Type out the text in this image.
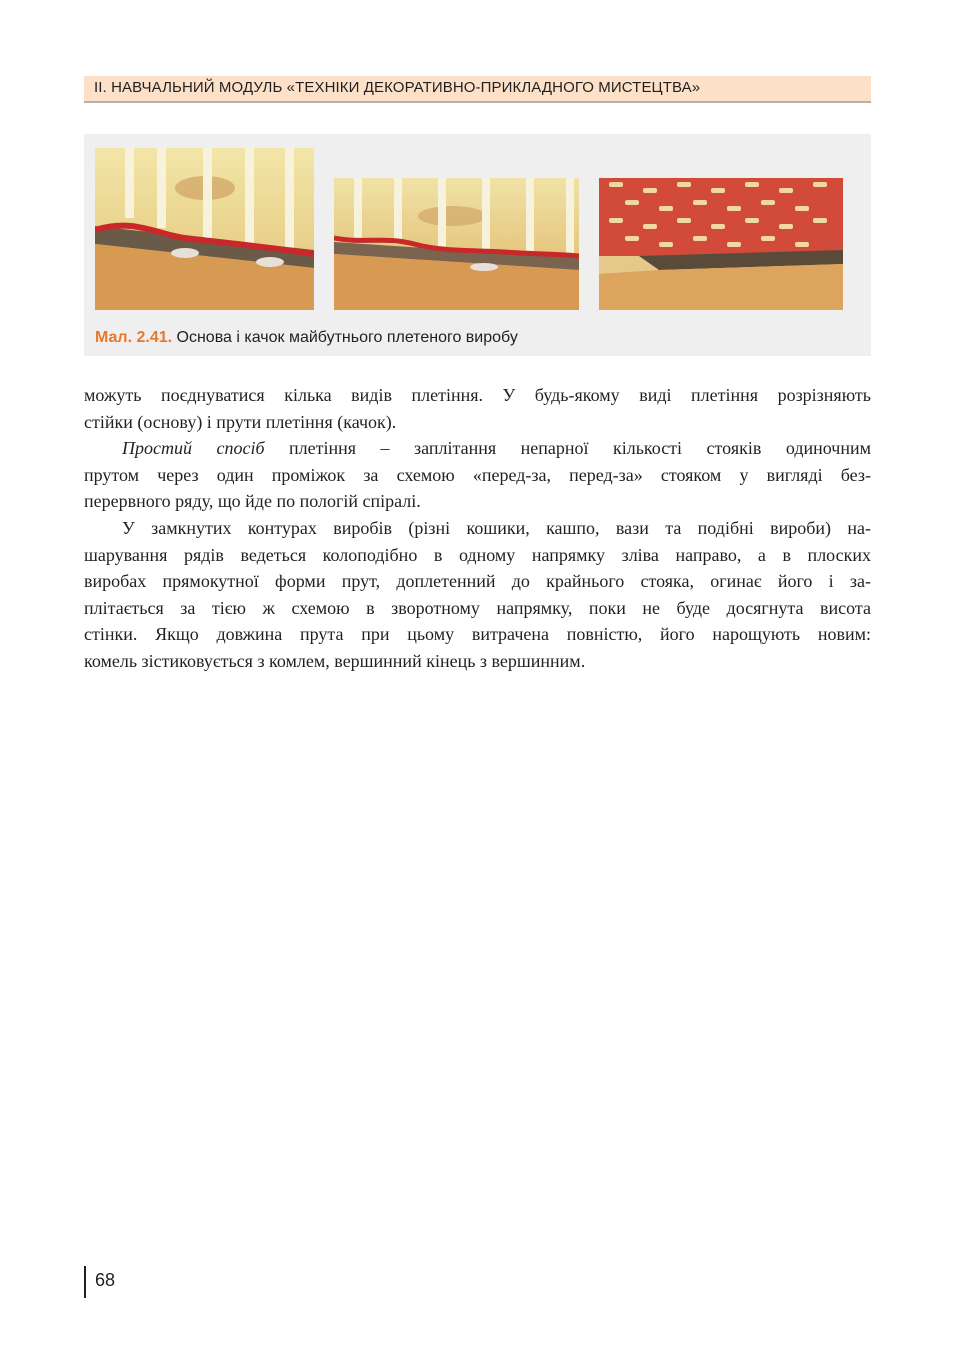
ІІ. НАВЧАЛЬНИЙ МОДУЛЬ «ТЕХНІКИ ДЕКОРАТИВНО-ПРИКЛАДНОГО МИСТЕЦТВА»
Мал. 2.41. Основа і качок майбутнього плетеного виробу

можуть поєднуватися кілька видів плетіння. У будь-якому виді плетіння розрізняють
стійки (основу) і прути плетіння (качок).

Простий спосіб плетіння – заплітання непарної кількості стояків одиночним
прутом через один проміжок за схемою «перед-за, перед-за» стояком у вигляді без-
перервного ряду, що йде по пологій спіралі.

У замкнутих контурах виробів (різні кошики, кашпо, вази та подібні вироби) на-
шарування рядів ведеться колоподібно в одному напрямку зліва направо, а в плоских
виробах прямокутної форми прут, доплетенний до крайнього стояка, огинає його і за-
плітається за тією ж схемою в зворотному напрямку, поки не буде досягнута висота
стінки. Якщо довжина прута при цьому витрачена повністю, його нарощують новим:
комель зістиковується з комлем, вершинний кінець з вершинним.

68
